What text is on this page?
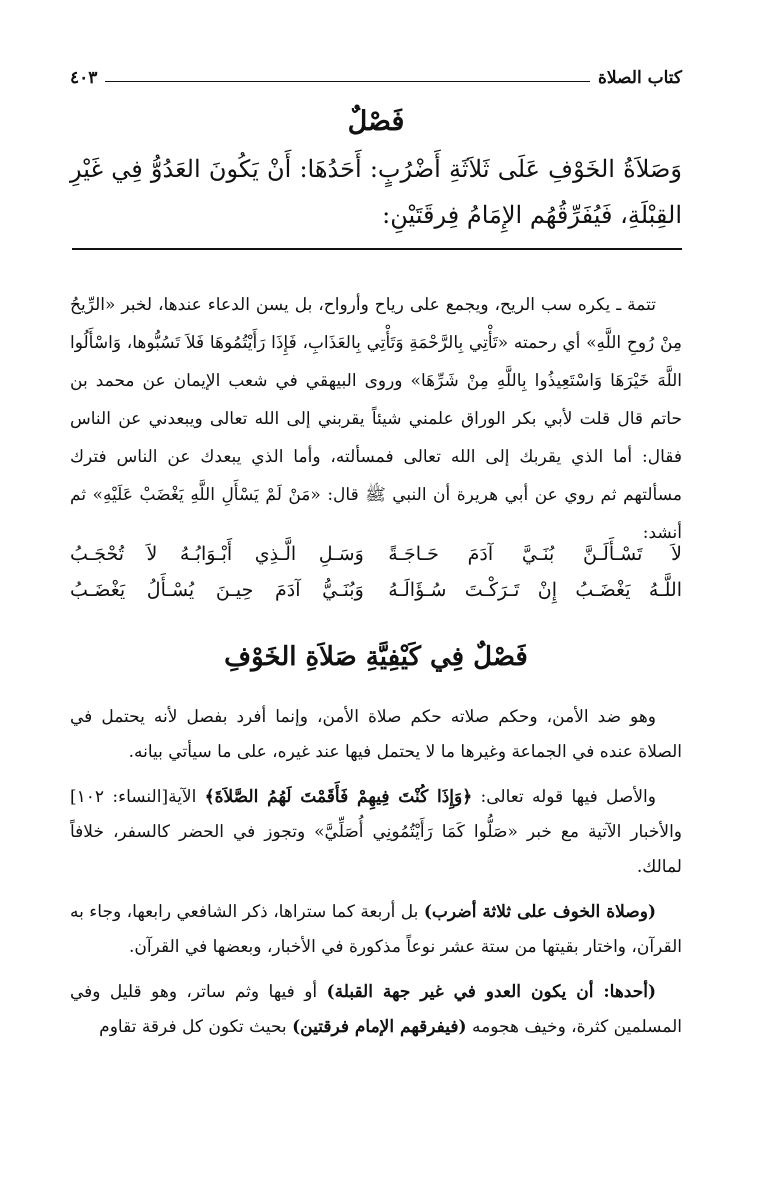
كتاب الصلاة
٤٠٣
فَصْلٌ

وَصَلاَةُ الخَوْفِ عَلَى ثَلاَثَةِ أَضْرُبٍ: أَحَدُهَا: أَنْ يَكُونَ العَدُوُّ فِي غَيْرِ القِبْلَةِ، فَيُفَرِّقُهُم الإِمَامُ فِرقَتَيْنِ:

تتمة ـ يكره سب الريح، ويجمع على رياح وأرواح، بل يسن الدعاء عندها، لخبر «الرِّيحُ مِنْ رُوحِ اللَّهِ» أي رحمته «تَأْتِي بِالرَّحْمَةِ وَتَأْتِي بِالعَذَابِ، فَإِذَا رَأَيْتُمُوهَا فَلاَ تَسُبُّوها، وَاسْأَلُوا اللَّهَ خَيْرَهَا وَاسْتَعِيذُوا بِاللَّهِ مِنْ شَرِّهَا» وروى البيهقي في شعب الإيمان عن محمد بن حاتم قال قلت لأبي بكر الوراق علمني شيئاً يقربني إلى الله تعالى ويبعدني عن الناس فقال: أما الذي يقربك إلى الله تعالى فمسألته، وأما الذي يبعدك عن الناس فترك مسألتهم ثم روي عن أبي هريرة أن النبي ﷺ قال: «مَنْ لَمْ يَسْأَلِ اللَّهِ يَغْضَبْ عَلَيْهِ» ثم أنشد:

لاَ تَسْـأَلَـنَّ بُنَـيَّ آدَمَ حَـاجَـةً
وَسَـلِ الَّـذِي أَبْـوَابُـهُ لاَ تُحْجَـبُ
اللَّـهُ يَغْضَـبُ إِنْ تَـرَكْـتَ سُـؤَالَـهُ
وَبُنَـيُّ آدَمَ حِيـنَ يُسْـأَلُ يَغْضَـبُ
فَصْلٌ فِي كَيْفِيَّةِ صَلاَةِ الخَوْفِ

وهو ضد الأمن، وحكم صلاته حكم صلاة الأمن، وإنما أفرد بفصل لأنه يحتمل في الصلاة عنده في الجماعة وغيرها ما لا يحتمل فيها عند غيره، على ما سيأتي بيانه.

والأصل فيها قوله تعالى: ﴿وَإِذَا كُنْتَ فِيهِمْ فَأَقَمْتَ لَهُمُ الصَّلاَةَ﴾ الآية[النساء: ١٠٢] والأخبار الآتية مع خبر «صَلُّوا كَمَا رَأَيْتُمُونِي أُصَلِّيَّ» وتجوز في الحضر كالسفر، خلافاً لمالك.

(وصلاة الخوف على ثلاثة أضرب) بل أربعة كما ستراها، ذكر الشافعي رابعها، وجاء به القرآن، واختار بقيتها من ستة عشر نوعاً مذكورة في الأخبار، وبعضها في القرآن.

(أحدها: أن يكون العدو في غير جهة القبلة) أو فيها وثم ساتر، وهو قليل وفي المسلمين كثرة، وخيف هجومه (فيفرقهم الإمام فرقتين) بحيث تكون كل فرقة تقاوم
